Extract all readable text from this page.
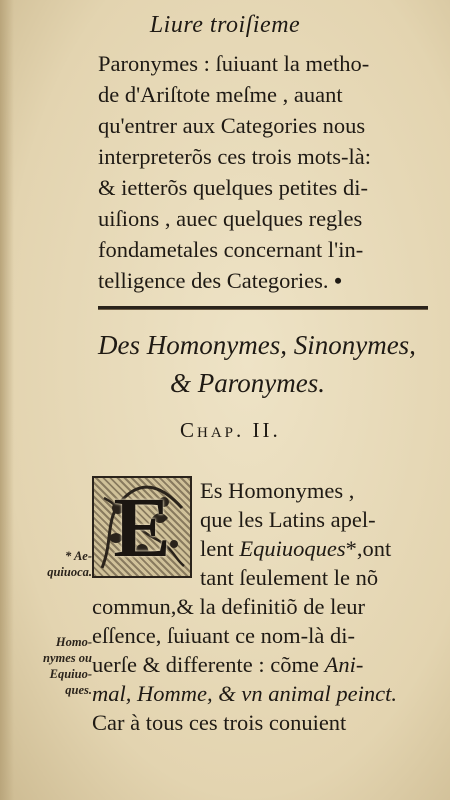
Liure troiſieme
Paronymes : ſuiuant la metho-
de d'Ariſtote meſme , auant
qu'entrer aux Categories nous
interpreterõs ces trois mots-là:
& ietterõs quelques petites di-
uiſions , auec quelques regles
fondametales concernant l'in-
telligence des Categories. •
Des Homonymes, Sinonymes,
& Paronymes.
Chap. II.
Es Homonymes ,
que les Latins apel-
lent Equiuoques*,ont
tant ſeulement le nõ
commun,& la definitiõ de leur
eſſence, ſuiuant ce nom-là di-
uerſe & differente : cõme Ani-
mal, Homme, & vn animal peinct.
Car à tous ces trois conuient
E
* Ae-
quiuoca.
Homo-
nymes ou
Equiuo-
ques.
